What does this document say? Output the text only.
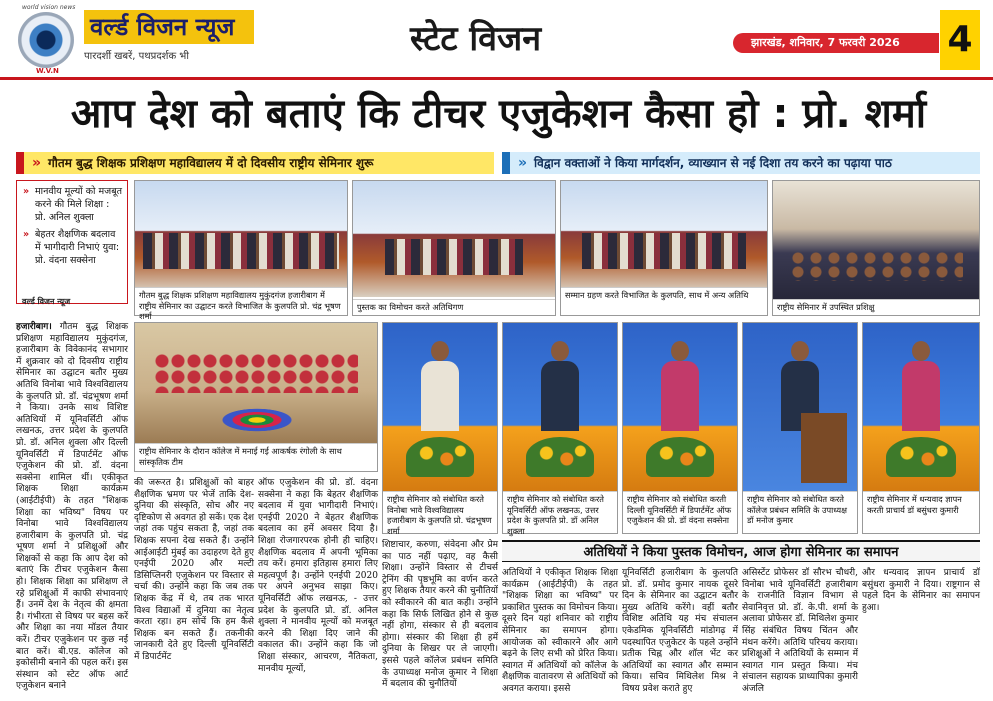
world vision news
W.V.N
वर्ल्ड विजन न्यूज
पारदर्शी खबरें, पथप्रदर्शक भी	स्टेट विजन	झारखंड, शनिवार, 7 फरवरी 2026	4
आप देश को बताएं कि टीचर एजुकेशन कैसा हो : प्रो. शर्मा
» गौतम बुद्ध शिक्षक प्रशिक्षण महाविद्यालय में दो दिवसीय राष्ट्रीय सेमिनार शुरू
»	विद्वान वक्ताओं ने किया मार्गदर्शन, व्याख्यान से नई दिशा तय करने का पढ़ाया पाठ
» मानवीय मूल्यों को मजबूत करने की मिले शिक्षा : प्रो. अनिल शुक्ला
» बेहतर शैक्षणिक बदलाव में भागीदारी निभाएं युवा: प्रो. वंदना सक्सेना
वर्ल्ड विजन न्यूज
गौतम बुद्ध शिक्षक प्रशिक्षण महाविद्यालय मुकुंदगंज हजारीबाग में राष्ट्रीय सेमिनार का उद्घाटन करते विभाजित के कुलपति प्रो. चंद्र भूषण शर्मा
पुस्तक का विमोचन करते अतिथिगण
सम्मान ग्रहण करते विभाजित के कुलपति, साथ में अन्य अतिथि
राष्ट्रीय सेमिनार में उपस्थित प्रशिक्षु
राष्ट्रीय सेमिनार के दौरान कॉलेज में मनाई गई आकर्षक रंगोली के साथ सांस्कृतिक टीम
राष्ट्रीय सेमिनार को संबोधित करते विनोबा भावे विश्वविद्यालय हजारीबाग के कुलपति प्रो. चंद्रभूषण शर्मा
राष्ट्रीय सेमिनार को संबोधित करते यूनिवर्सिटी ऑफ लखनऊ, उत्तर प्रदेश के कुलपति प्रो. डॉ अनिल शुक्ला
राष्ट्रीय सेमिनार को संबोधित करती दिल्ली यूनिवर्सिटी में डिपार्टमेंट ऑफ एजुकेशन की प्रो. डॉ वंदना सक्सेना
राष्ट्रीय सेमिनार को संबोधित करते कॉलेज प्रबंधन समिति के उपाध्यक्ष डॉ मनोज कुमार
राष्ट्रीय सेमिनार में धन्यवाद ज्ञापन करती प्राचार्य डॉ बसुंधरा कुमारी
हजारीबाग। गौतम बुद्ध शिक्षक प्रशिक्षण महाविद्यालय मुकुंदगंज, हजारीबाग के विवेकानंद सभागार में शुक्रवार को दो दिवसीय राष्ट्रीय सेमिनार का उद्घाटन बतौर मुख्य अतिथि विनोबा भावे विश्वविद्यालय के कुलपति प्रो. डॉ. चंद्रभूषण शर्मा ने किया। उनके साथ विशिष्ट अतिथियों में यूनिवर्सिटी ऑफ लखनऊ, उत्तर प्रदेश के कुलपति प्रो. डॉ. अनिल शुक्ला और दिल्ली यूनिवर्सिटी में डिपार्टमेंट ऑफ एजुकेशन की प्रो. डॉ. वंदना सक्सेना शामिल थीं। एकीकृत शिक्षक शिक्षा कार्यक्रम (आईटीईपी) के तहत "शिक्षक शिक्षा का भविष्य" विषय पर विनोबा भावे विश्वविद्यालय हजारीबाग के कुलपति प्रो. चंद्र भूषण शर्मा ने प्रशिक्षुओं और शिक्षकों से कहा कि आप देश को बताएं कि टीचर एजुकेशन कैसा हो। शिक्षक शिक्षा का प्रशिक्षण ले रहे प्रशिक्षुओं में काफी संभावनाएं हैं। उनमें देश के नेतृत्व की क्षमता है। गंभीरता से विषय पर बहस करें और शिक्षा का नया मॉडल तैयार करें। टीचर एजुकेशन पर कुछ नई बात करें। बी.एड. कॉलेज को इकोसीमी बनाने की पहल करें। इस संस्थान को स्टेट ऑफ आर्ट एजुकेशन बनाने
की जरूरत है। प्रशिक्षुओं को बाहर शैक्षणिक भ्रमण पर भेजें ताकि देश-दुनिया की संस्कृति, सोच और नए दृष्टिकोण से अवगत हो सकें। एक देश जहां तक पहुंच सकता है, जहां तक शिक्षक सपना देख सकते हैं। उन्होंने आईआईटी मुंबई का उदाहरण देते हुए एनईपी 2020 और मल्टी डिसिप्लिनरी एजुकेशन पर विस्तार से चर्चा की। उन्होंने कहा कि जब तक शिक्षक केंद्र में थे, तब तक भारत विश्व विद्याओं में दुनिया का नेतृत्व करता रहा। हम सोचें कि हम कैसे शिक्षक बन सकते हैं। तकनीकी जानकारी देते हुए दिल्ली यूनिवर्सिटी में डिपार्टमेंट
ऑफ एजुकेशन की प्रो. डॉ. वंदना सक्सेना ने कहा कि बेहतर शैक्षणिक बदलाव में युवा भागीदारी निभाएं। एनईपी 2020 ने बेहतर शैक्षणिक बदलाव का हमें अवसर दिया है। शिक्षा रोजगारपरक होनी ही चाहिए। शैक्षणिक बदलाव में अपनी भूमिका तय करें। हमारा इतिहास हमारा लिए महत्वपूर्ण है। उन्होंने एनईपी 2020 पर अपने अनुभव साझा किए। यूनिवर्सिटी ऑफ लखनऊ, - उत्तर प्रदेश के कुलपति प्रो. डॉ. अनिल शुक्ला ने मानवीय मूल्यों को मजबूत करने की शिक्षा दिए जाने की वकालत की। उन्होंने कहा कि जो शिक्षा संस्कार, आचरण, नैतिकता, मानवीय मूल्यों,
शिष्टाचार, करुणा, संवेदना और प्रेम का पाठ नहीं पढ़ाए, वह कैसी शिक्षा। उन्होंने विस्तार से टीचर्स ट्रेनिंग की पृष्ठभूमि का वर्णन करते हुए शिक्षक तैयार करने की चुनौतियों को स्वीकारने की बात कही। उन्होंने कहा कि सिर्फ लिखित होने से कुछ नहीं होगा, संस्कार से ही बदलाव होगा। संस्कार की शिक्षा ही हमें दुनिया के शिखर पर ले जाएगी। इससे पहले कॉलेज प्रबंधन समिति के उपाध्यक्ष मनोज कुमार ने शिक्षा में बदलाव की चुनौतियों
अतिथियों ने किया पुस्तक विमोचन, आज होगा सेमिनार का समापन
अतिथियों ने एकीकृत शिक्षक शिक्षा कार्यक्रम (आईटीईपी) के तहत "शिक्षक शिक्षा का भविष्य" पर प्रकाशित पुस्तक का विमोचन किया। दूसरे दिन यहां शनिवार को राष्ट्रीय सेमिनार का समापन होगा। आयोजक को स्वीकारने और आगे बढ़ने के लिए सभी को प्रेरित किया। स्वागत में अतिथियों को कॉलेज के शैक्षणिक वातावरण से अतिथियों को अवगत कराया। इससे
यूनिवर्सिटी हजारीबाग के कुलपति प्रो. डॉ. प्रमोद कुमार नायक दूसरे दिन के सेमिनार का उद्घाटन बतौर मुख्य अतिथि करेंगे। वहीं बतौर विशिष्ट अतिथि यह मंच संचालन एकेडमिक यूनिवर्सिटी मांडोगढ़ में पदस्थापित एजुकेटर के पहले उन्होंने प्रतीक चिह्न और शॉल भेंट कर अतिथियों का स्वागत और सम्मान किया। सचिव मिथिलेश मिश्र ने विषय प्रवेश कराते हुए
असिस्टेंट प्रोफेसर डॉ सौरभ चौधरी, विनोबा भावे यूनिवर्सिटी हजारीबाग के राजनीति विज्ञान विभाग से सेवानिवृत्त प्रो. डॉ. के.पी. शर्मा के अलावा प्रोफेसर डॉ. मिथिलेश कुमार सिंह संबंधित विषय चिंतन और मंथन करेंगे। अतिथि परिचय कराया। प्रशिक्षुओं ने अतिथियों के सम्मान में स्वागत गान प्रस्तुत किया। मंच संचालन सहायक प्राध्यापिका कुमारी अंजलि
और धन्यवाद ज्ञापन प्राचार्य डॉ बसुंधरा कुमारी ने दिया। राष्ट्रगान से पहले दिन के सेमिनार का समापन हुआ।
